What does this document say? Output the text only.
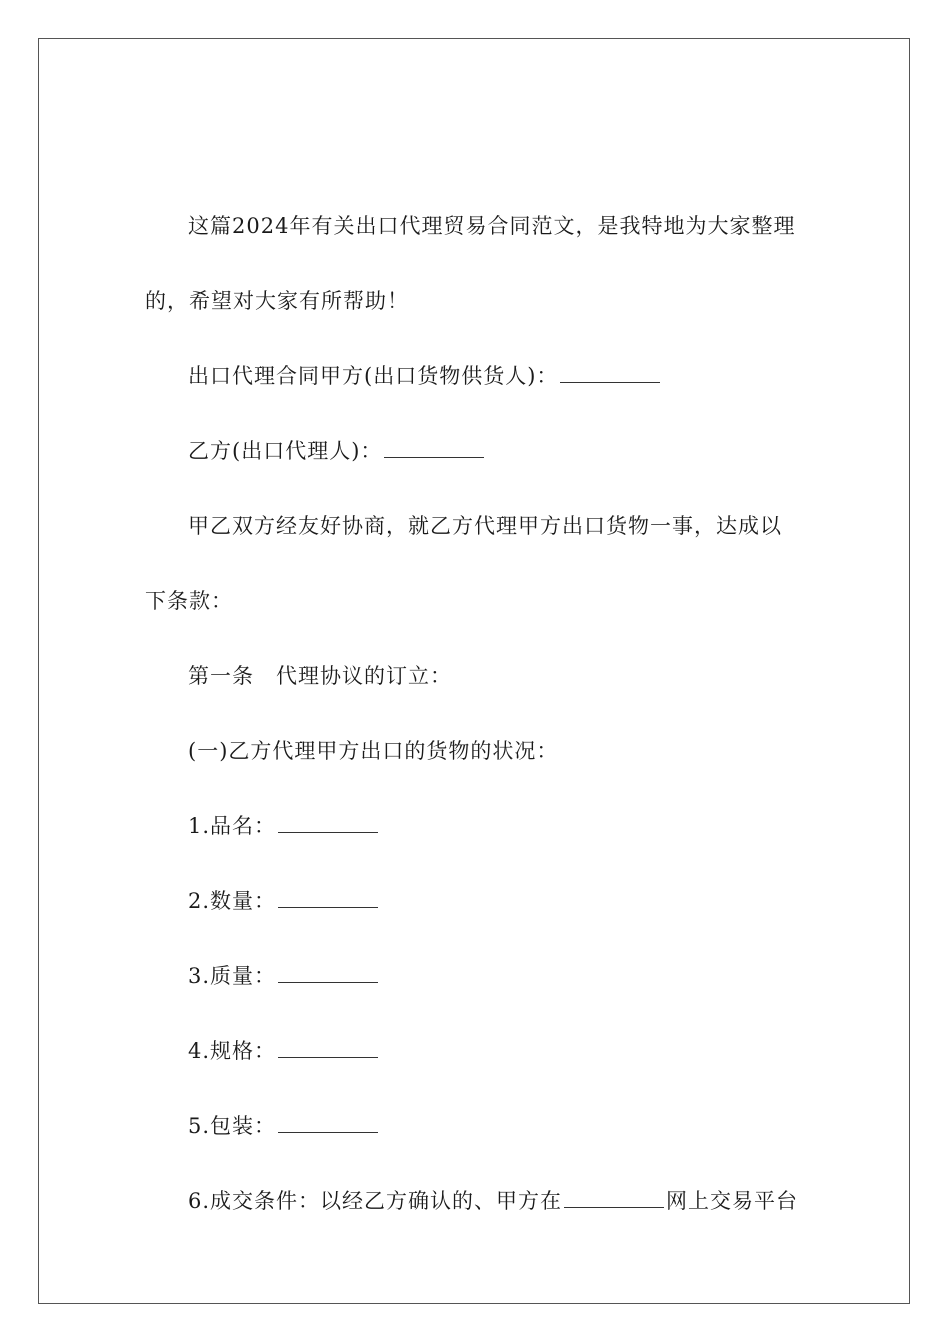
这篇2024年有关出口代理贸易合同范文，是我特地为大家整理
的，希望对大家有所帮助！
出口代理合同甲方(出口货物供货人)：
乙方(出口代理人)：
甲乙双方经友好协商，就乙方代理甲方出口货物一事，达成以
下条款：
第一条　代理协议的订立：
(一)乙方代理甲方出口的货物的状况：
1.品名：
2.数量：
3.质量：
4.规格：
5.包装：
6.成交条件：以经乙方确认的、甲方在	网上交易平台
